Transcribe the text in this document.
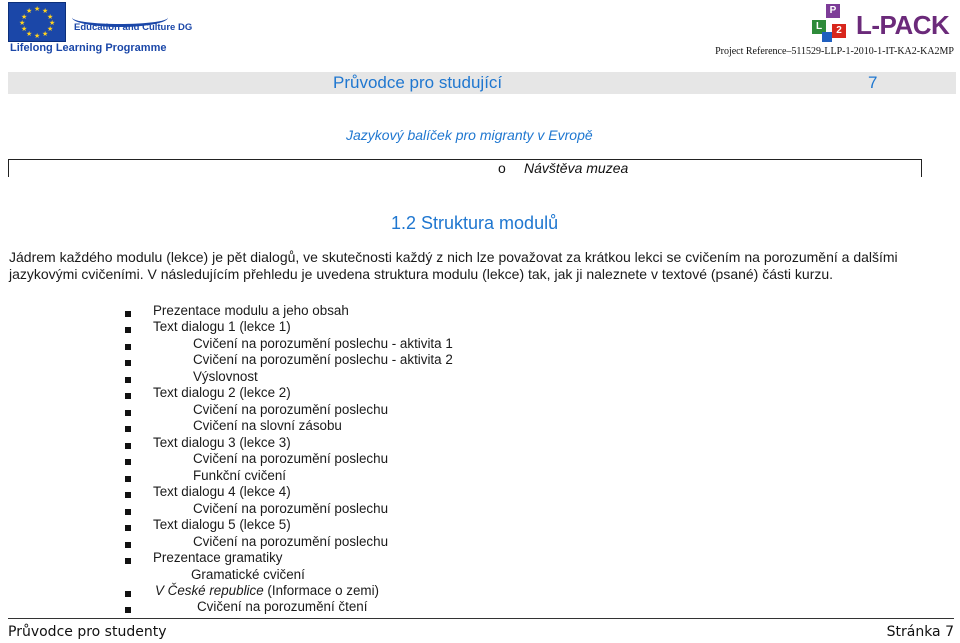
★ ★
★
★
★
★
★
★
★
★
★
★
Education and Culture DG
Lifelong Learning Programme
P
L	2 L-PACK
Project Reference–511529-LLP-1-2010-1-IT-KA2-KA2MP
Průvodce pro studující	7
Jazykový balíček pro migranty v Evropě
o Návštěva muzea
1.2 Struktura modulů
Jádrem každého modulu (lekce) je pět dialogů, ve skutečnosti každý z nich lze považovat za krátkou lekci se cvičením na porozumění a dalšími jazykovými cvičeními. V následujícím přehledu je uvedena struktura modulu (lekce) tak, jak ji naleznete v textové (psané) části kurzu.
Prezentace modulu a jeho obsah
Text dialogu 1 (lekce 1)
Cvičení na porozumění poslechu - aktivita 1
Cvičení na porozumění poslechu - aktivita 2
Výslovnost
Text dialogu 2 (lekce 2)
Cvičení na porozumění poslechu
Cvičení na slovní zásobu
Text dialogu 3 (lekce 3)
Cvičení na porozumění poslechu
Funkční cvičení
Text dialogu 4 (lekce 4)
Cvičení na porozumění poslechu
Text dialogu 5 (lekce 5)
Cvičení na porozumění poslechu
Prezentace gramatiky
Gramatické cvičení
V České republice (Informace o zemi)
Cvičení na porozumění čtení
Průvodce pro studenty	Stránka 7
